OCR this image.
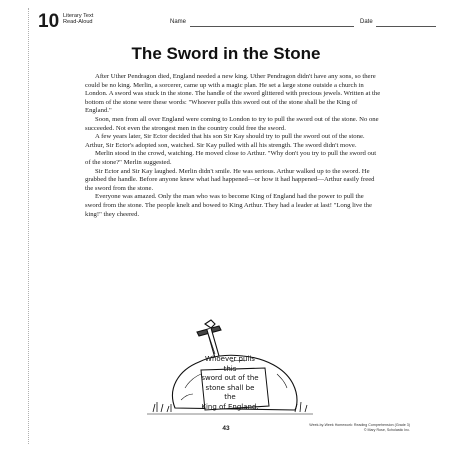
10 Literary Text
Read-Aloud	Name	Date
The Sword in the Stone

After Uther Pendragon died, England needed a new king. Uther Pendragon didn't have any sons, so there could be no king. Merlin, a sorcerer, came up with a magic plan. He set a large stone outside a church in London. A sword was stuck in the stone. The handle of the sword glittered with precious jewels. Written at the bottom of the stone were these words: "Whoever pulls this sword out of the stone shall be the King of England."

Soon, men from all over England were coming to London to try to pull the sword out of the stone. No one succeeded. Not even the strongest men in the country could free the sword.

A few years later, Sir Ector decided that his son Sir Kay should try to pull the sword out of the stone. Arthur, Sir Ector's adopted son, watched. Sir Kay pulled with all his strength. The sword didn't move.

Merlin stood in the crowd, watching. He moved close to Arthur. "Why don't you try to pull the sword out of the stone?" Merlin suggested.

Sir Ector and Sir Kay laughed. Merlin didn't smile. He was serious. Arthur walked up to the sword. He grabbed the handle. Before anyone knew what had happened—or how it had happened—Arthur easily freed the sword from the stone.

Everyone was amazed. Only the man who was to become King of England had the power to pull the sword from the stone. The people knelt and bowed to King Arthur. They had a leader at last! "Long live the king!" they cheered.

Whoever pulls this
sword out of the
stone shall be the
King of England.
43	Week-by-Week Homework: Reading Comprehension (Grade 3)
© Mary Rose, Scholastic Inc.
